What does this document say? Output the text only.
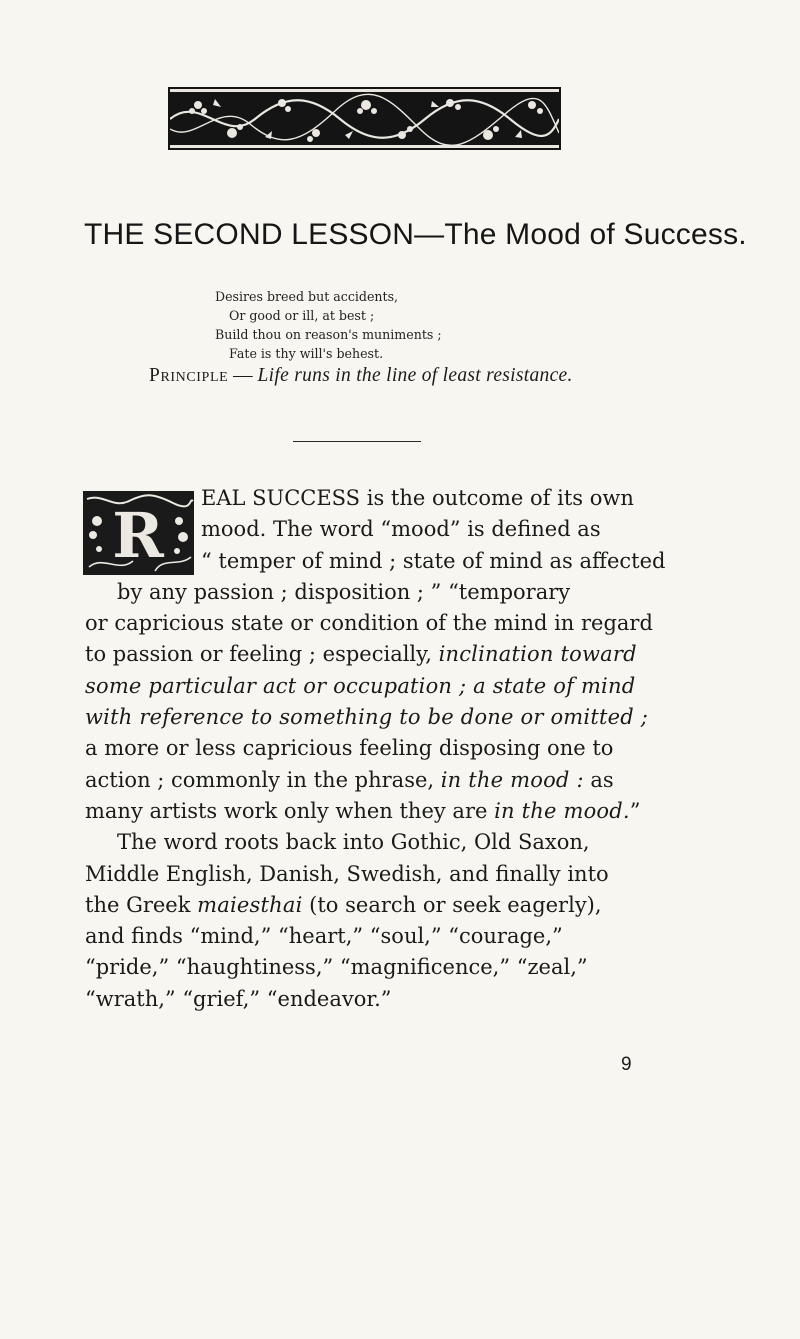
THE SECOND LESSON—The Mood of Success.
Desires breed but accidents,
Or good or ill, at best ;
Build thou on reason's muniments ;
Fate is thy will's behest.
Principle — Life runs in the line of least resistance.
R
EAL SUCCESS is the outcome of its own
mood. The word “mood” is defined as
“ temper of mind ; state of mind as affected
by any passion ; disposition ; ” “temporary
or capricious state or condition of the mind in regard
to passion or feeling ; especially, inclination toward
some particular act or occupation ; a state of mind
with reference to something to be done or omitted ;
a more or less capricious feeling disposing one to
action ; commonly in the phrase, in the mood : as
many artists work only when they are in the mood.”
The word roots back into Gothic, Old Saxon,
Middle English, Danish, Swedish, and finally into
the Greek maiesthai (to search or seek eagerly),
and finds “mind,” “heart,” “soul,” “courage,”
“pride,” “haughtiness,” “magnificence,” “zeal,”
“wrath,” “grief,” “endeavor.”
9
